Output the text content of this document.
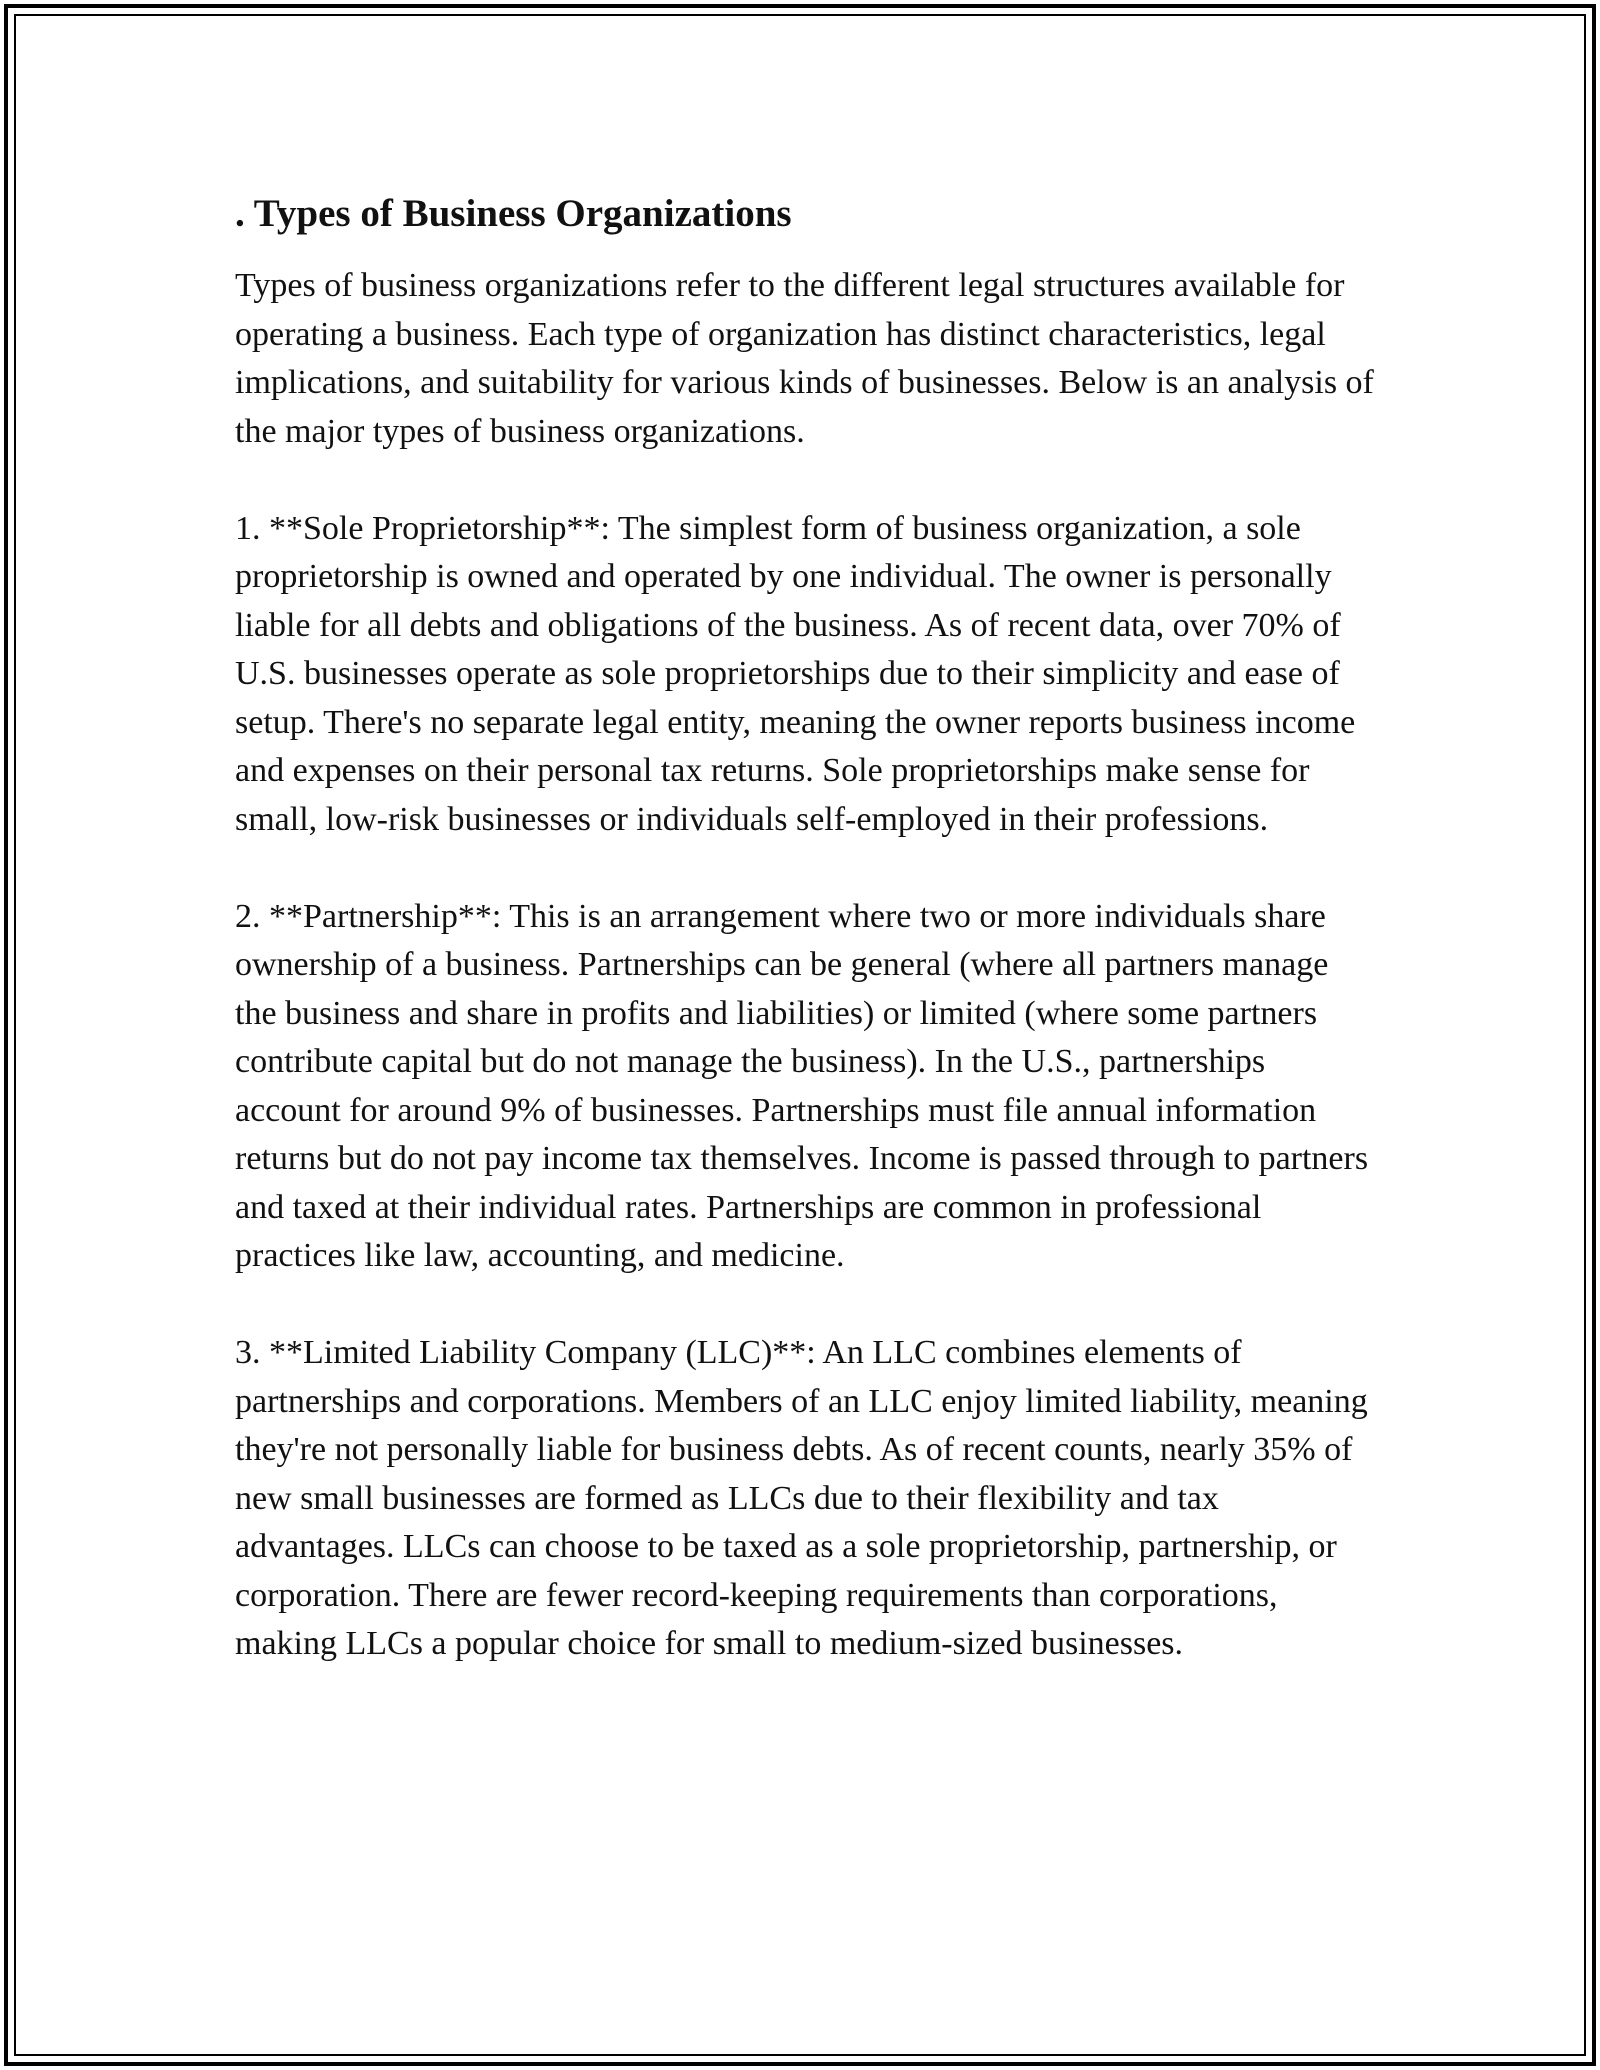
. Types of Business Organizations

Types of business organizations refer to the different legal structures available for operating a business. Each type of organization has distinct characteristics, legal implications, and suitability for various kinds of businesses. Below is an analysis of the major types of business organizations.

1. **Sole Proprietorship**: The simplest form of business organization, a sole proprietorship is owned and operated by one individual. The owner is personally liable for all debts and obligations of the business. As of recent data, over 70% of U.S. businesses operate as sole proprietorships due to their simplicity and ease of setup. There's no separate legal entity, meaning the owner reports business income and expenses on their personal tax returns. Sole proprietorships make sense for small, low-risk businesses or individuals self-employed in their professions.

2. **Partnership**: This is an arrangement where two or more individuals share ownership of a business. Partnerships can be general (where all partners manage the business and share in profits and liabilities) or limited (where some partners contribute capital but do not manage the business). In the U.S., partnerships account for around 9% of businesses. Partnerships must file annual information returns but do not pay income tax themselves. Income is passed through to partners and taxed at their individual rates. Partnerships are common in professional practices like law, accounting, and medicine.

3. **Limited Liability Company (LLC)**: An LLC combines elements of partnerships and corporations. Members of an LLC enjoy limited liability, meaning they're not personally liable for business debts. As of recent counts, nearly 35% of new small businesses are formed as LLCs due to their flexibility and tax advantages. LLCs can choose to be taxed as a sole proprietorship, partnership, or corporation. There are fewer record-keeping requirements than corporations, making LLCs a popular choice for small to medium-sized businesses.
